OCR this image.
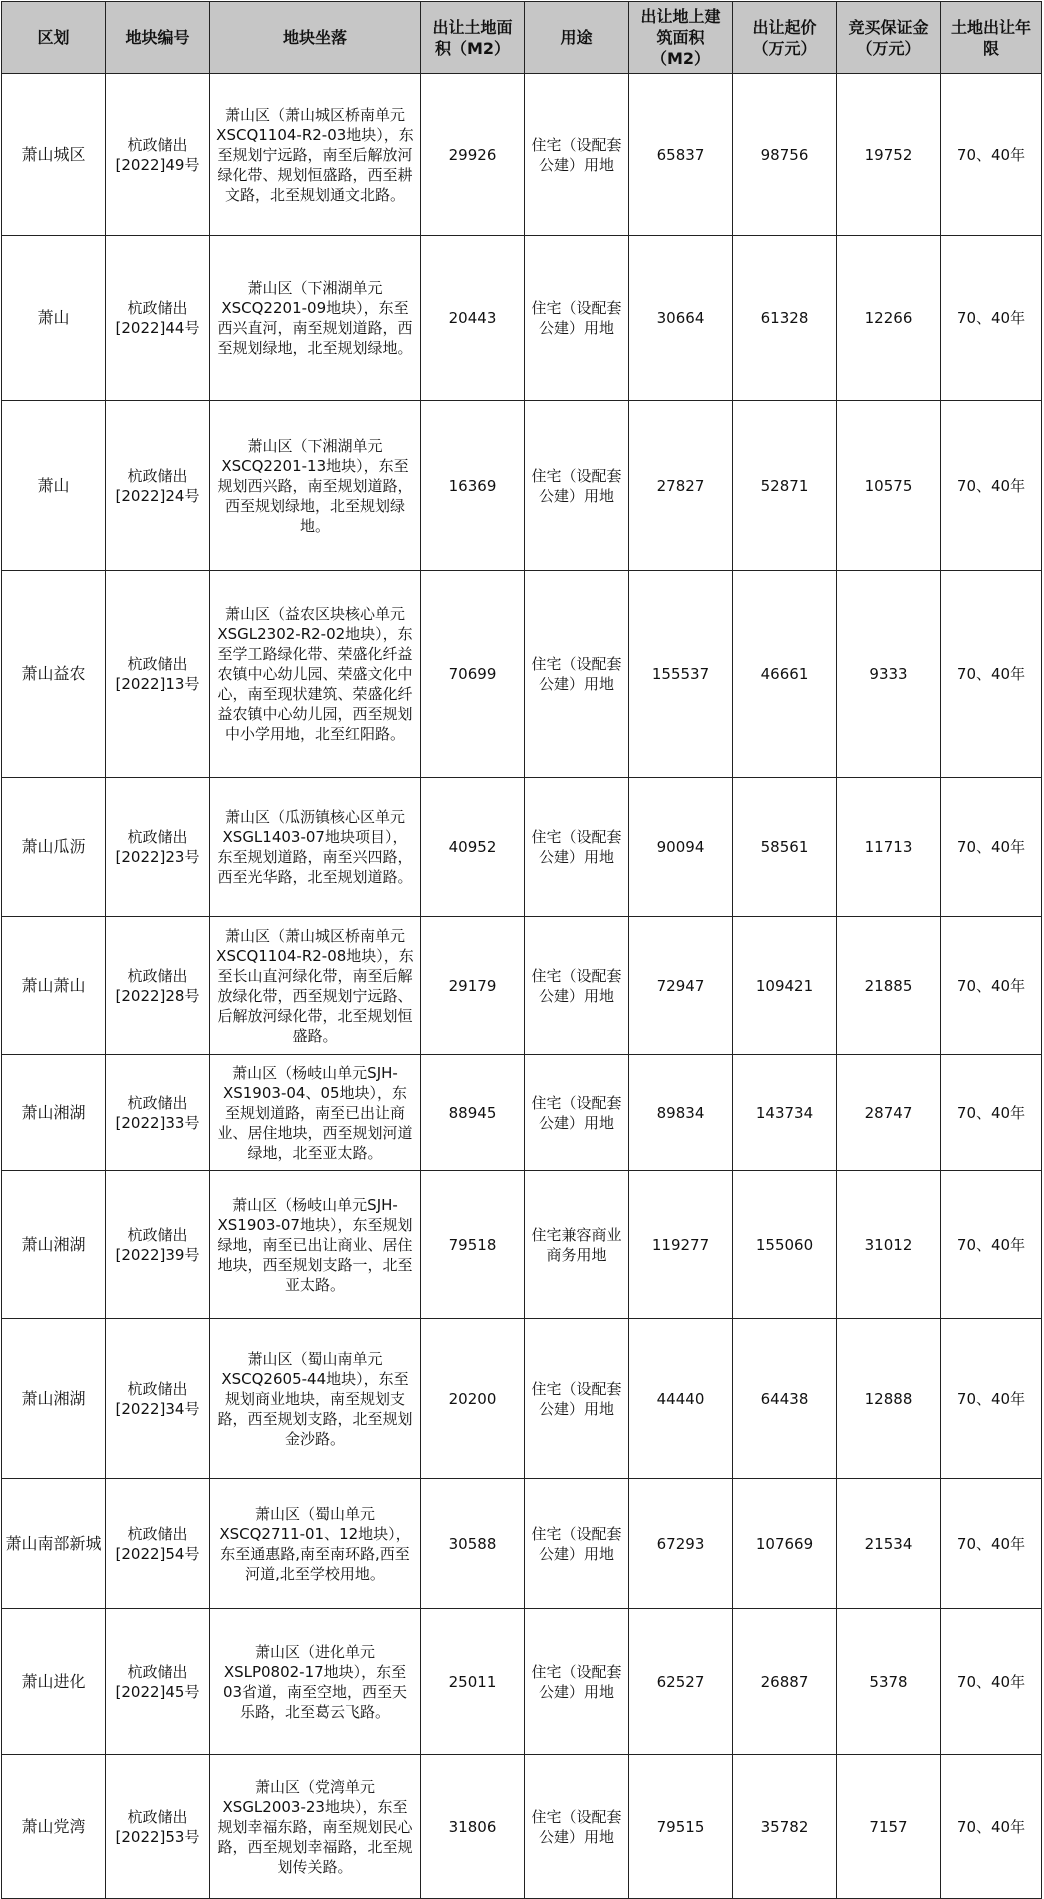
区划	地块编号	地块坐落	出让土地面积（M2）	用途	出让地上建筑面积（M2）	出让起价（万元）	竞买保证金（万元）	土地出让年限
萧山城区	杭政储出[2022]49号	萧山区（萧山城区桥南单元XSCQ1104-R2-03地块），东至规划宁远路，南至后解放河绿化带、规划恒盛路，西至耕文路，北至规划通文北路。	29926	住宅（设配套公建）用地	65837	98756	19752	70、40年
萧山	杭政储出[2022]44号	萧山区（下湘湖单元XSCQ2201-09地块），东至西兴直河，南至规划道路，西至规划绿地，北至规划绿地。	20443	住宅（设配套公建）用地	30664	61328	12266	70、40年
萧山	杭政储出[2022]24号	萧山区（下湘湖单元XSCQ2201-13地块），东至规划西兴路，南至规划道路，西至规划绿地，北至规划绿地。	16369	住宅（设配套公建）用地	27827	52871	10575	70、40年
萧山益农	杭政储出[2022]13号	萧山区（益农区块核心单元XSGL2302-R2-02地块），东至学工路绿化带、荣盛化纤益农镇中心幼儿园、荣盛文化中心，南至现状建筑、荣盛化纤益农镇中心幼儿园，西至规划中小学用地，北至红阳路。	70699	住宅（设配套公建）用地	155537	46661	9333	70、40年
萧山瓜沥	杭政储出[2022]23号	萧山区（瓜沥镇核心区单元XSGL1403-07地块项目），东至规划道路，南至兴四路，西至光华路，北至规划道路。	40952	住宅（设配套公建）用地	90094	58561	11713	70、40年
萧山萧山	杭政储出[2022]28号	萧山区（萧山城区桥南单元XSCQ1104-R2-08地块），东至长山直河绿化带，南至后解放绿化带，西至规划宁远路、后解放河绿化带，北至规划恒盛路。	29179	住宅（设配套公建）用地	72947	109421	21885	70、40年
萧山湘湖	杭政储出[2022]33号	萧山区（杨岐山单元SJH-XS1903-04、05地块），东至规划道路，南至已出让商业、居住地块，西至规划河道绿地，北至亚太路。	88945	住宅（设配套公建）用地	89834	143734	28747	70、40年
萧山湘湖	杭政储出[2022]39号	萧山区（杨岐山单元SJH-XS1903-07地块），东至规划绿地，南至已出让商业、居住地块，西至规划支路一，北至亚太路。	79518	住宅兼容商业商务用地	119277	155060	31012	70、40年
萧山湘湖	杭政储出[2022]34号	萧山区（蜀山南单元XSCQ2605-44地块），东至规划商业地块，南至规划支路，西至规划支路，北至规划金沙路。	20200	住宅（设配套公建）用地	44440	64438	12888	70、40年
萧山南部新城	杭政储出[2022]54号	萧山区（蜀山单元XSCQ2711-01、12地块），东至通惠路,南至南环路,西至河道,北至学校用地。	30588	住宅（设配套公建）用地	67293	107669	21534	70、40年
萧山进化	杭政储出[2022]45号	萧山区（进化单元XSLP0802-17地块），东至03省道，南至空地，西至天乐路，北至葛云飞路。	25011	住宅（设配套公建）用地	62527	26887	5378	70、40年
萧山党湾	杭政储出[2022]53号	萧山区（党湾单元XSGL2003-23地块），东至规划幸福东路，南至规划民心路，西至规划幸福路，北至规划传关路。	31806	住宅（设配套公建）用地	79515	35782	7157	70、40年
